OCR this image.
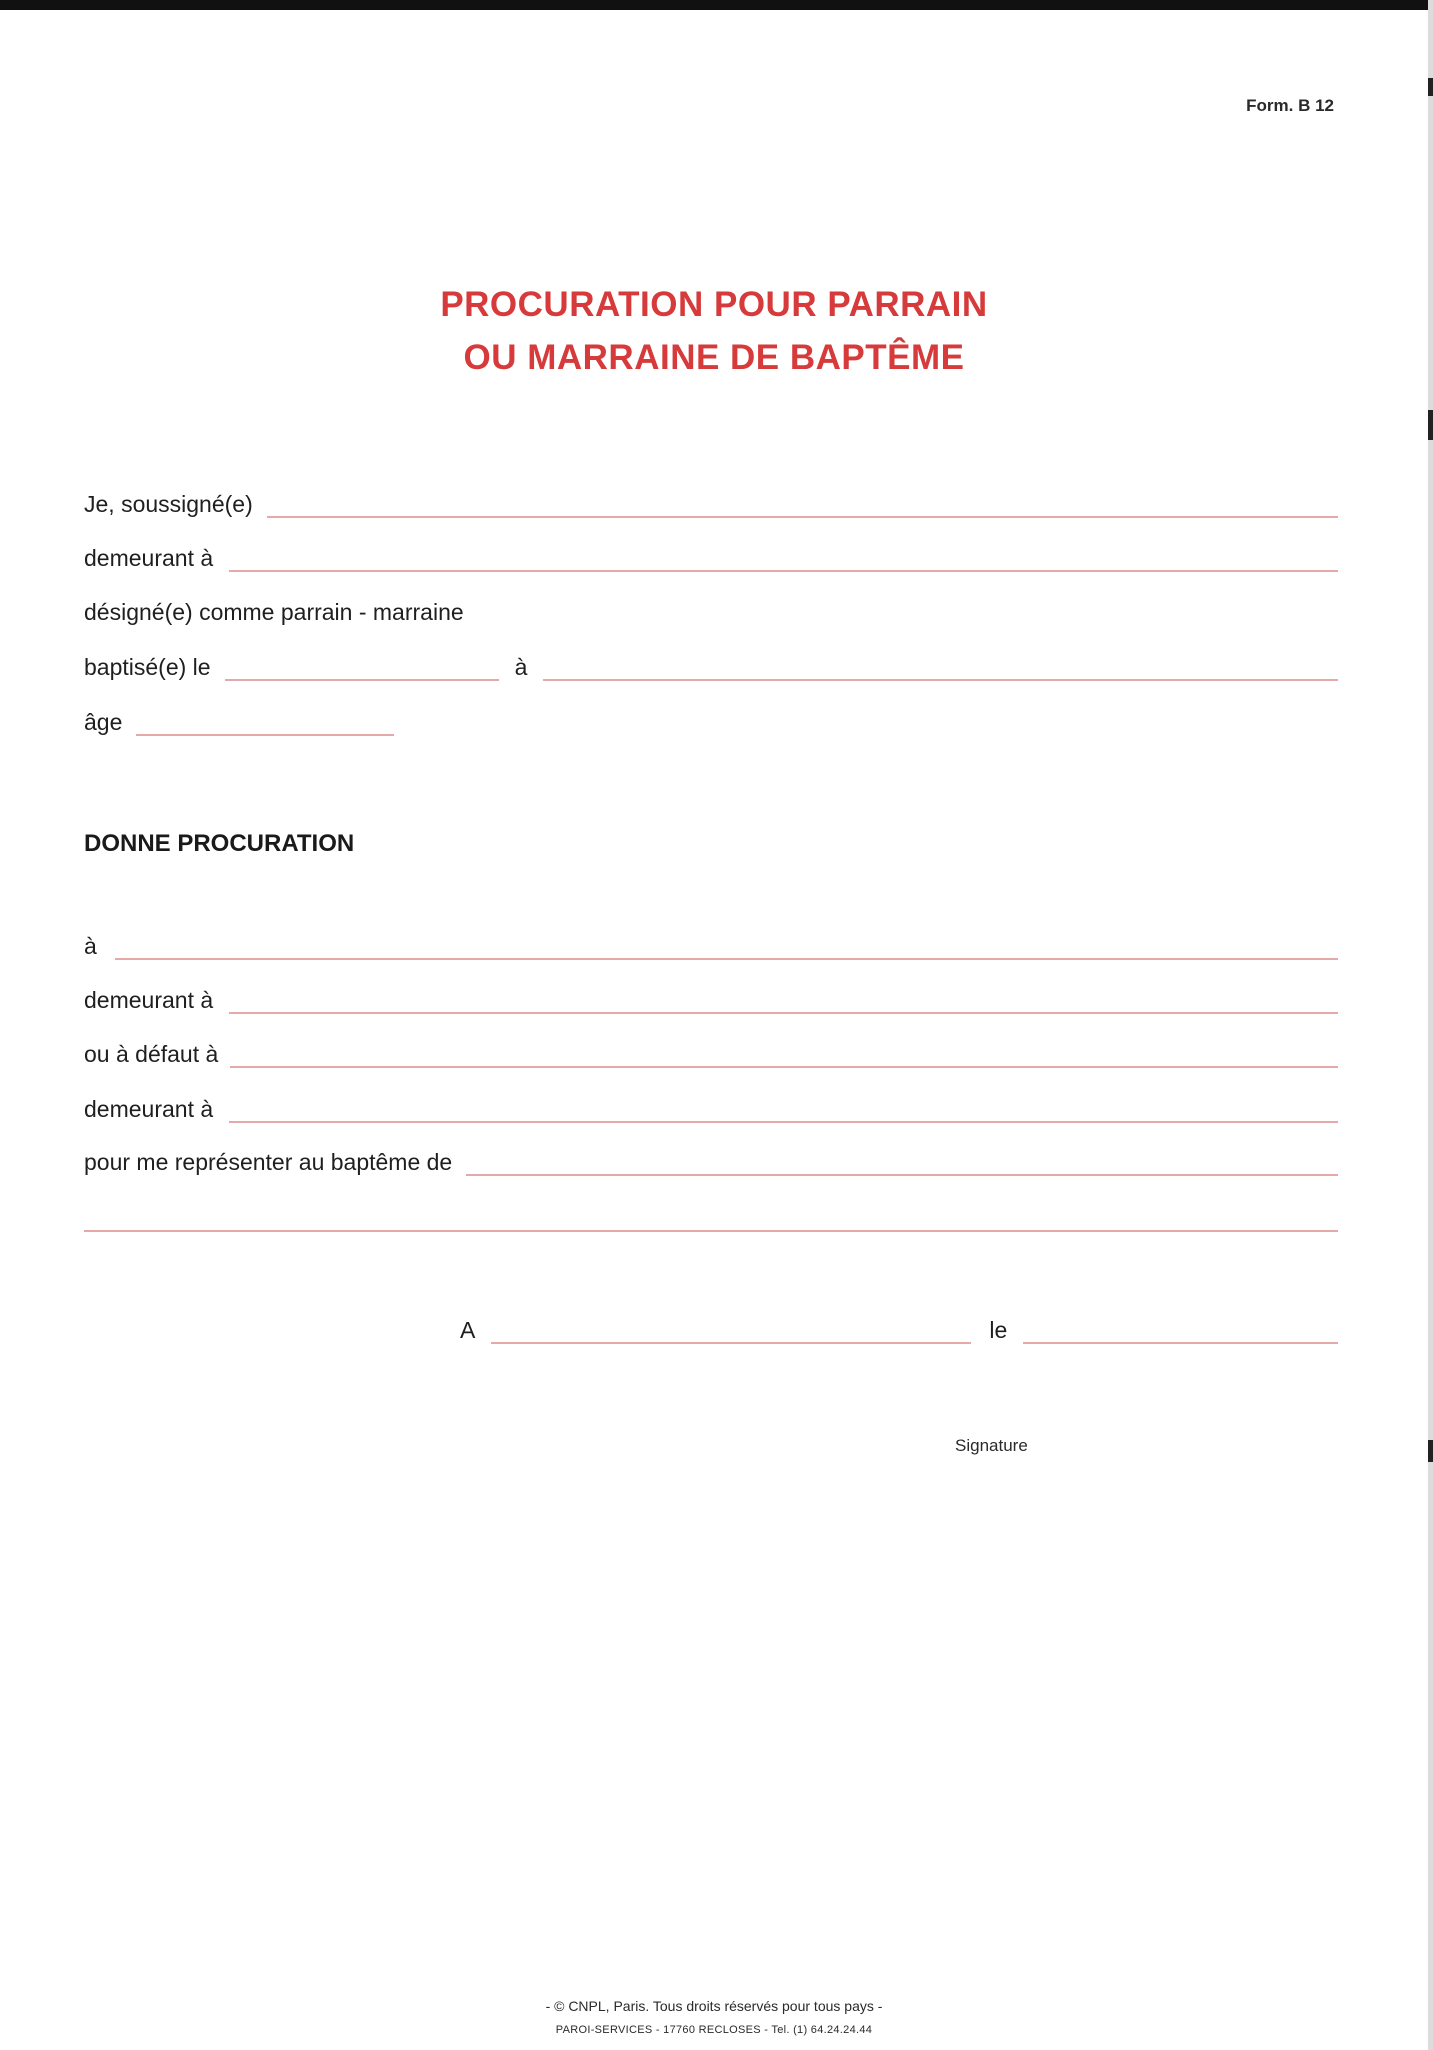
Form. B 12
PROCURATION POUR PARRAIN
OU MARRAINE DE BAPTÊME
Je, soussigné(e)
demeurant à
désigné(e) comme parrain - marraine
baptisé(e) le	à
âge
DONNE PROCURATION
à
demeurant à
ou à défaut à
demeurant à
pour me représenter au baptême de
A	le
Signature
- © CNPL, Paris. Tous droits réservés pour tous pays -
PAROI-SERVICES - 17760 RECLOSES - Tel. (1) 64.24.24.44
